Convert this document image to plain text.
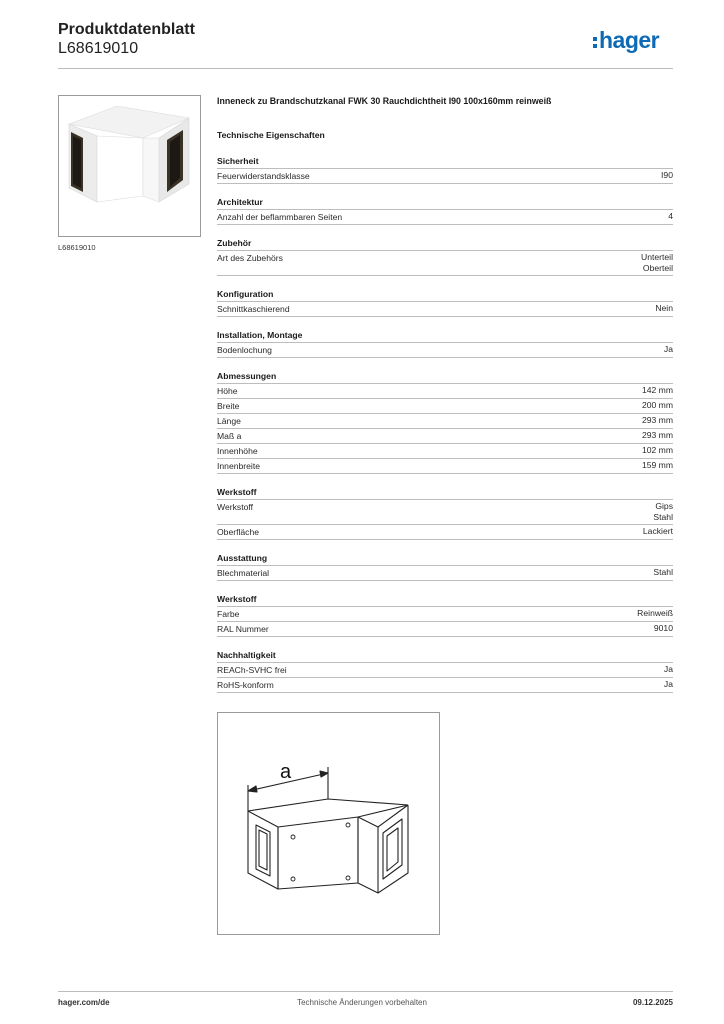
Produktdatenblatt
L68619010	hager
L68619010
Inneneck zu Brandschutzkanal FWK 30 Rauchdichtheit I90 100x160mm reinweiß
Technische Eigenschaften
Sicherheit
Feuerwiderstandsklasse	I90
Architektur
Anzahl der beflammbaren Seiten	4
Zubehör
Art des Zubehörs	Unterteil
Oberteil
Konfiguration
Schnittkaschierend	Nein
Installation, Montage
Bodenlochung	Ja
Abmessungen
Höhe	142 mm
Breite	200 mm
Länge	293 mm
Maß a	293 mm
Innenhöhe	102 mm
Innenbreite	159 mm
Werkstoff
Werkstoff	Gips
Stahl
Oberfläche	Lackiert
Ausstattung
Blechmaterial	Stahl
Werkstoff
Farbe	Reinweiß
RAL Nummer	9010
Nachhaltigkeit
REACh-SVHC frei	Ja
RoHS-konform	Ja
a
hager.com/de	Technische Änderungen vorbehalten	09.12.2025
